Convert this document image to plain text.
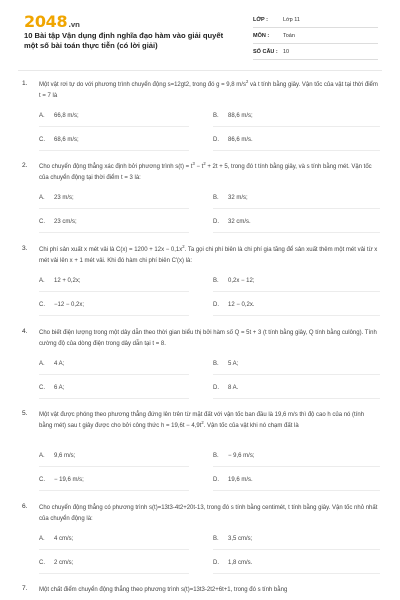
2048.vn
10 Bài tập Vận dụng định nghĩa đạo hàm vào giải quyết một số bài toán thực tiễn (có lời giải)
LỚP :	Lớp 11
MÔN :	Toán
SỐ CÂU : 10
1. Một vật rơi tự do với phương trình chuyển động s=12gt2, trong đó g = 9,8 $m/s^2$ và t tính bằng giây. Vận tốc của vật tại thời điểm t = 7 là
A. 66,8 m/s;	B. 88,6 m/s;
C. 68,6 m/s;	D. 86,6 m/s.
2. Cho chuyển động thẳng xác định bởi phương trình $s(t) = t^3 - t^2 + 2t + 5$, trong đó t tính bằng giây, và s tính bằng mét. Vận tốc của chuyển động tại thời điểm t = 3 là:
A. 23 m/s;	B. 32 m/s;
C. 23 cm/s;	D. 32 cm/s.
3. Chi phí sản xuất x mét vải là $C(x) = 1200 + 12x - 0,1x^2$. Ta gọi chi phí biên là chi phí gia tăng để sản xuất thêm một mét vải từ x mét vải lên x + 1 mét vải. Khi đó hàm chi phí biên C'(x) là:
A. 12 + 0,2x;	B. 0,2x − 12;
C. −12 − 0,2x;	D. 12 − 0,2x.
4. Cho biết điện lượng trong một dây dẫn theo thời gian biểu thị bởi hàm số Q = 5t + 3 (t tính bằng giây, Q tính bằng culông). Tính cường độ của dòng điện trong dây dẫn tại t = 8.
A. 4 A;	B. 5 A;
C. 6 A;	D. 8 A.
5. Một vật được phóng theo phương thẳng đứng lên trên từ mặt đất với vận tốc ban đầu là 19,6 m/s thì độ cao h của nó (tính bằng mét) sau t giây được cho bởi công thức $h = 19,6t - 4,9t^2$. Vận tốc của vật khi nó chạm đất là
A. 9,6 m/s;	B. − 9,6 m/s;
C. − 19,6 m/s;	D. 19,6 m/s.
6. Cho chuyển động thẳng có phương trình s(t)=13t3-4t2+20t-13, trong đó s tính bằng centimét, t tính bằng giây. Vận tốc nhỏ nhất của chuyển động là:
A. 4 cm/s;	B. 3,5 cm/s;
C. 2 cm/s;	D. 1,8 cm/s.
7. Một chất điểm chuyển động thẳng theo phương trình s(t)=13t3-2t2+6t+1, trong đó s tính bằng
